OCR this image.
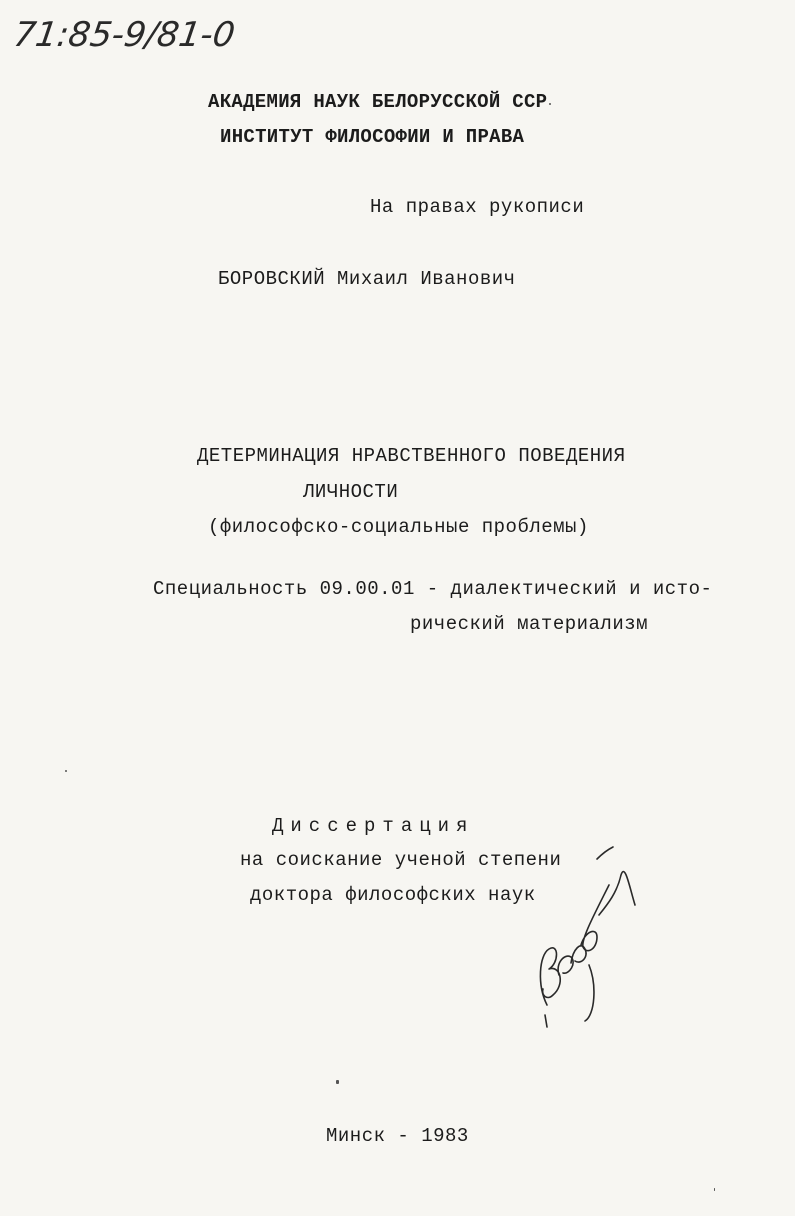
71:85-9/81-0
АКАДЕМИЯ НАУК БЕЛОРУССКОЙ ССР
ИНСТИТУТ ФИЛОСОФИИ И ПРАВА
На правах рукописи
БОРОВСКИЙ Михаил Иванович
ДЕТЕРМИНАЦИЯ НРАВСТВЕННОГО ПОВЕДЕНИЯ
ЛИЧНОСТИ
(философско-социальные проблемы)
Специальность 09.00.01 - диалектический и исто-
рический материализм
Диссертация
на соискание ученой степени
доктора философских наук
Минск - 1983
